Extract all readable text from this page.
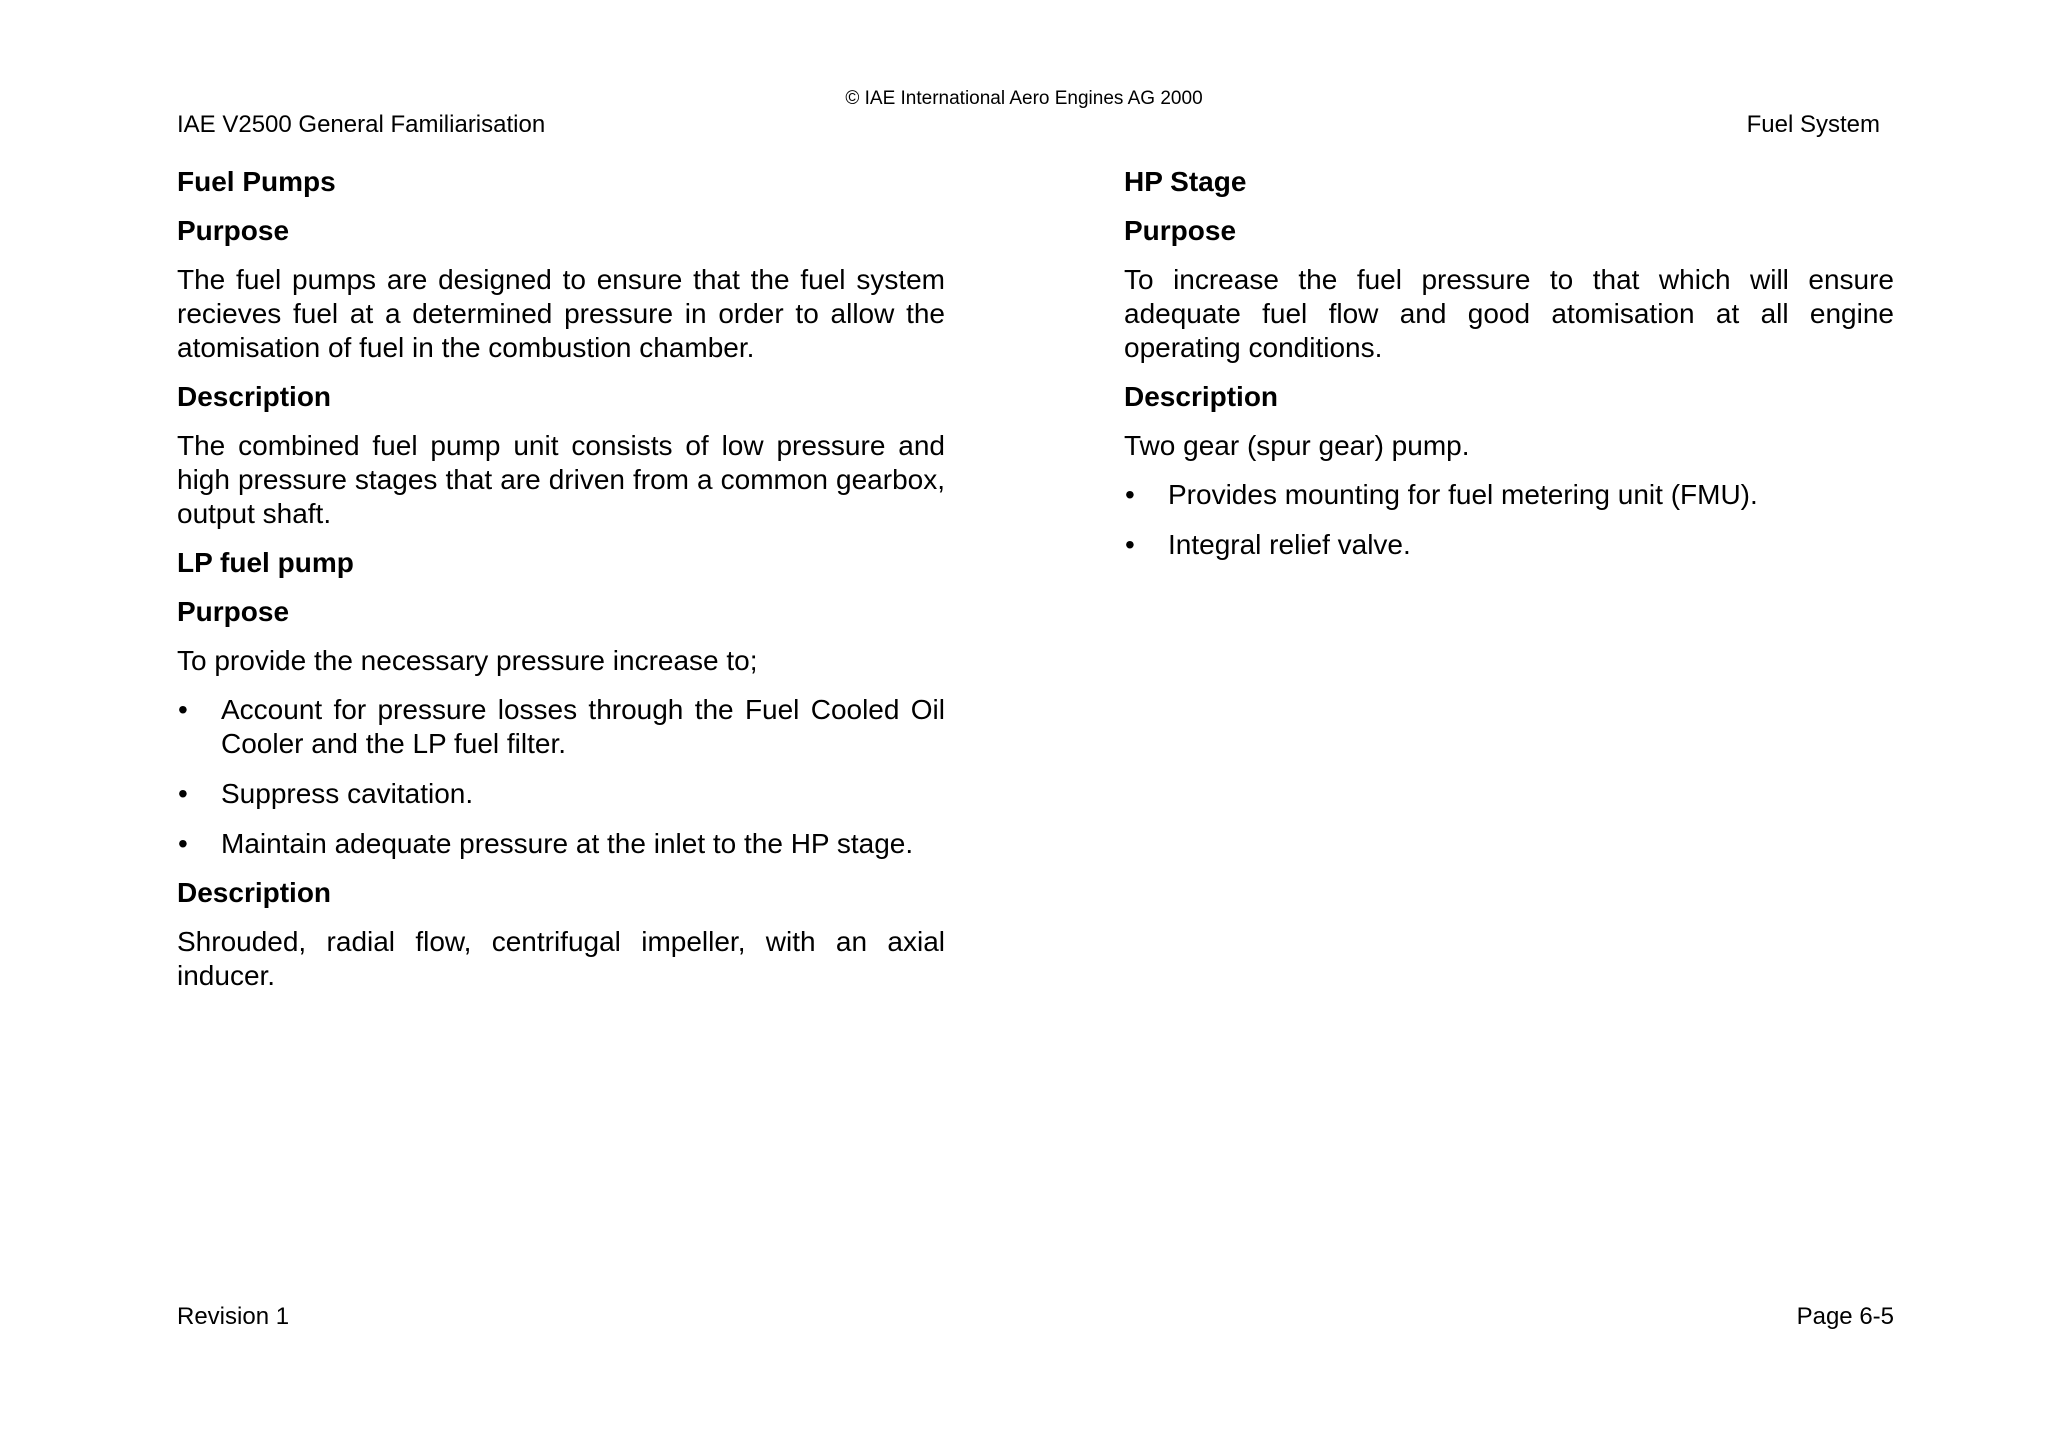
© IAE International Aero Engines AG 2000
IAE V2500 General Familiarisation	Fuel System
Fuel Pumps
Purpose

The fuel pumps are designed to ensure that the fuel system recieves fuel at a determined pressure in order to allow the atomisation of fuel in the combustion chamber.

Description

The combined fuel pump unit consists of low pressure and high pressure stages that are driven from a common gearbox, output shaft.

LP fuel pump
Purpose

To provide the necessary pressure increase to;

• Account for pressure losses through the Fuel Cooled Oil Cooler and the LP fuel filter.
• Suppress cavitation.
• Maintain adequate pressure at the inlet to the HP stage.
Description

Shrouded, radial flow, centrifugal impeller, with an axial inducer.

HP Stage
Purpose

To increase the fuel pressure to that which will ensure adequate fuel flow and good atomisation at all engine operating conditions.

Description

Two gear (spur gear) pump.

• Provides mounting for fuel metering unit (FMU).
• Integral relief valve.
Revision 1	Page 6-5
